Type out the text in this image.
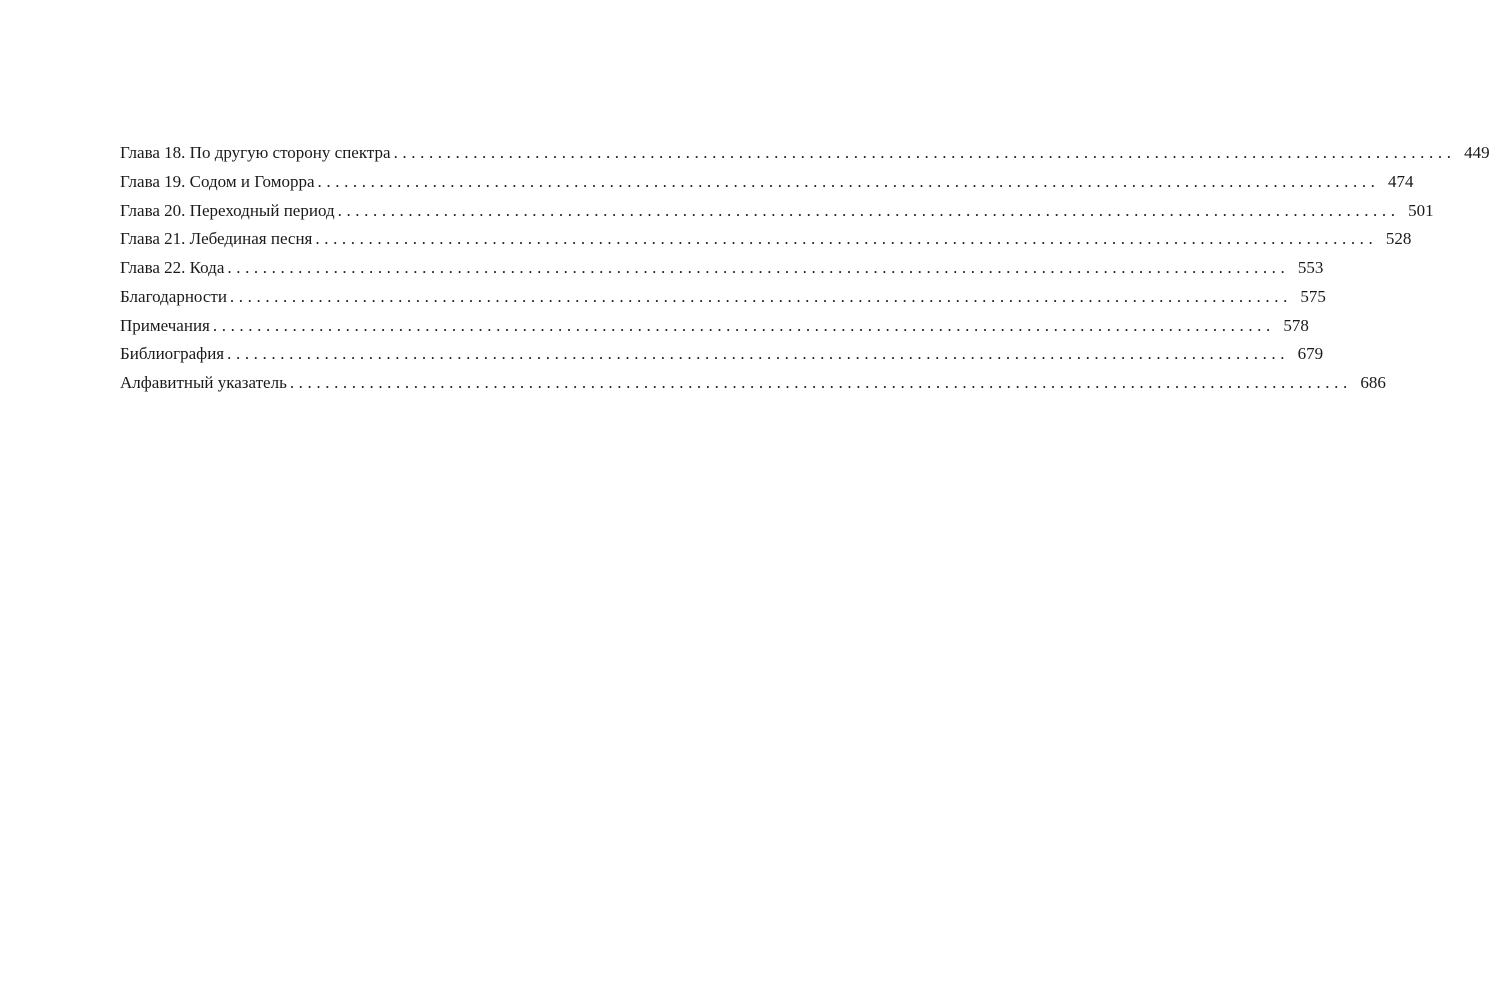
Глава 18. По другую сторону спектра ........................................................................................................................ 449
Глава 19. Содом и Гоморра ........................................................................................................................ 474
Глава 20. Переходный период ........................................................................................................................ 501
Глава 21. Лебединая песня ........................................................................................................................ 528
Глава 22. Кода ........................................................................................................................ 553
Благодарности ........................................................................................................................ 575
Примечания ........................................................................................................................ 578
Библиография ........................................................................................................................ 679
Алфавитный указатель ........................................................................................................................ 686
